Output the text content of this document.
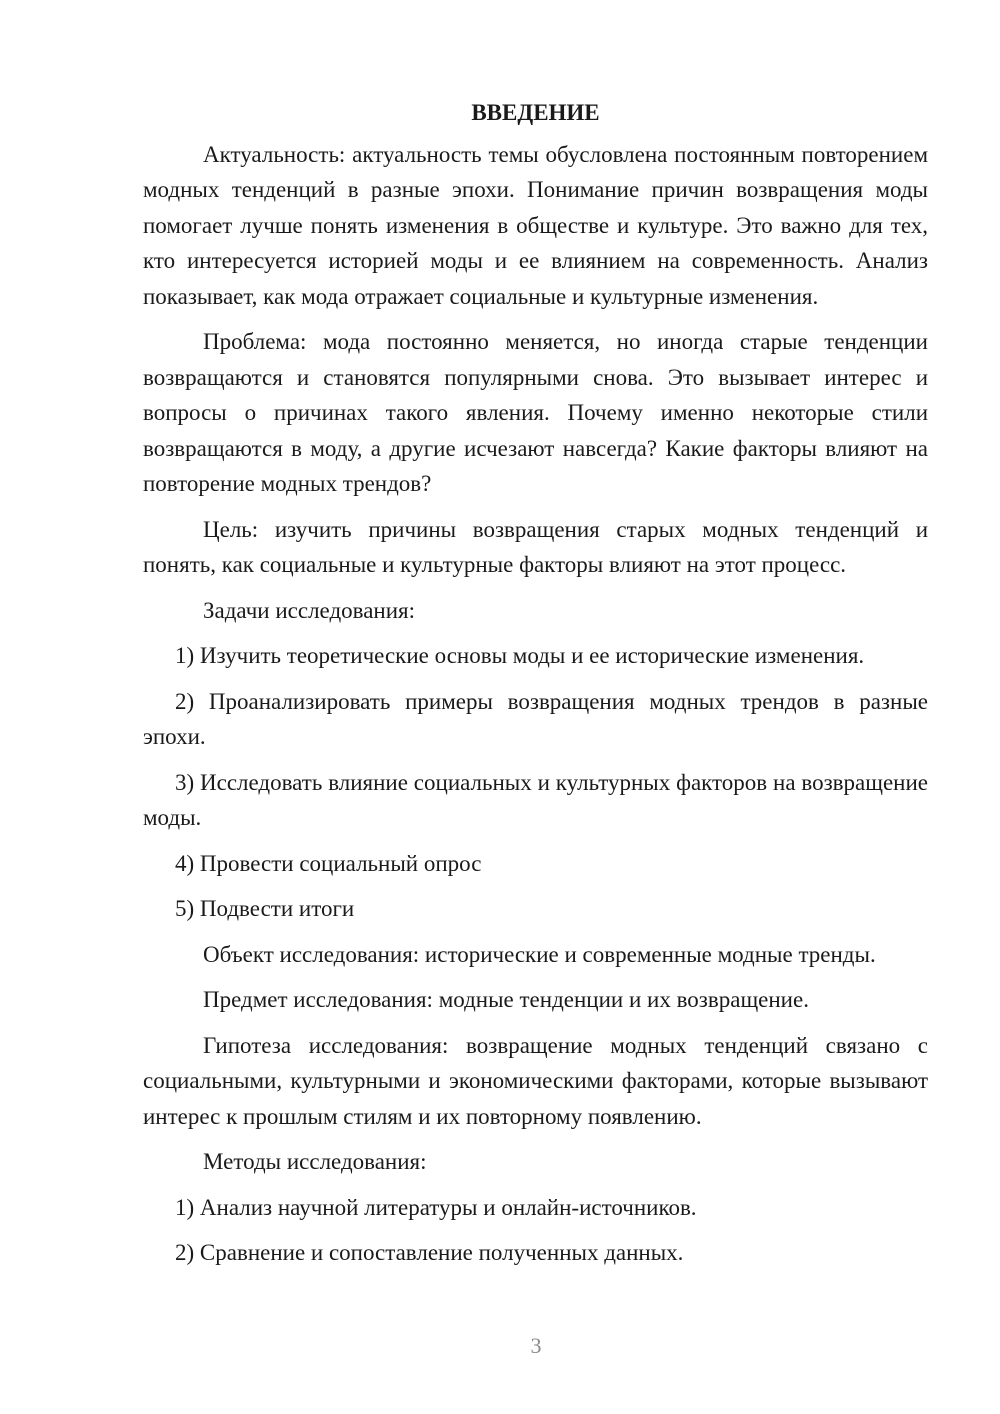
ВВЕДЕНИЕ

Актуальность: актуальность темы обусловлена постоянным повторением модных тенденций в разные эпохи. Понимание причин возвращения моды помогает лучше понять изменения в обществе и культуре. Это важно для тех, кто интересуется историей моды и ее влиянием на современность. Анализ показывает, как мода отражает социальные и культурные изменения.

Проблема: мода постоянно меняется, но иногда старые тенденции возвращаются и становятся популярными снова. Это вызывает интерес и вопросы о причинах такого явления. Почему именно некоторые стили возвращаются в моду, а другие исчезают навсегда? Какие факторы влияют на повторение модных трендов?

Цель: изучить причины возвращения старых модных тенденций и понять, как социальные и культурные факторы влияют на этот процесс.

Задачи исследования:

1) Изучить теоретические основы моды и ее исторические изменения.

2) Проанализировать примеры возвращения модных трендов в разные эпохи.

3) Исследовать влияние социальных и культурных факторов на возвращение моды.

4) Провести социальный опрос

5) Подвести итоги

Объект исследования: исторические и современные модные тренды.

Предмет исследования: модные тенденции и их возвращение.

Гипотеза исследования: возвращение модных тенденций связано с социальными, культурными и экономическими факторами, которые вызывают интерес к прошлым стилям и их повторному появлению.

Методы исследования:

1) Анализ научной литературы и онлайн-источников.

2) Сравнение и сопоставление полученных данных.

3
